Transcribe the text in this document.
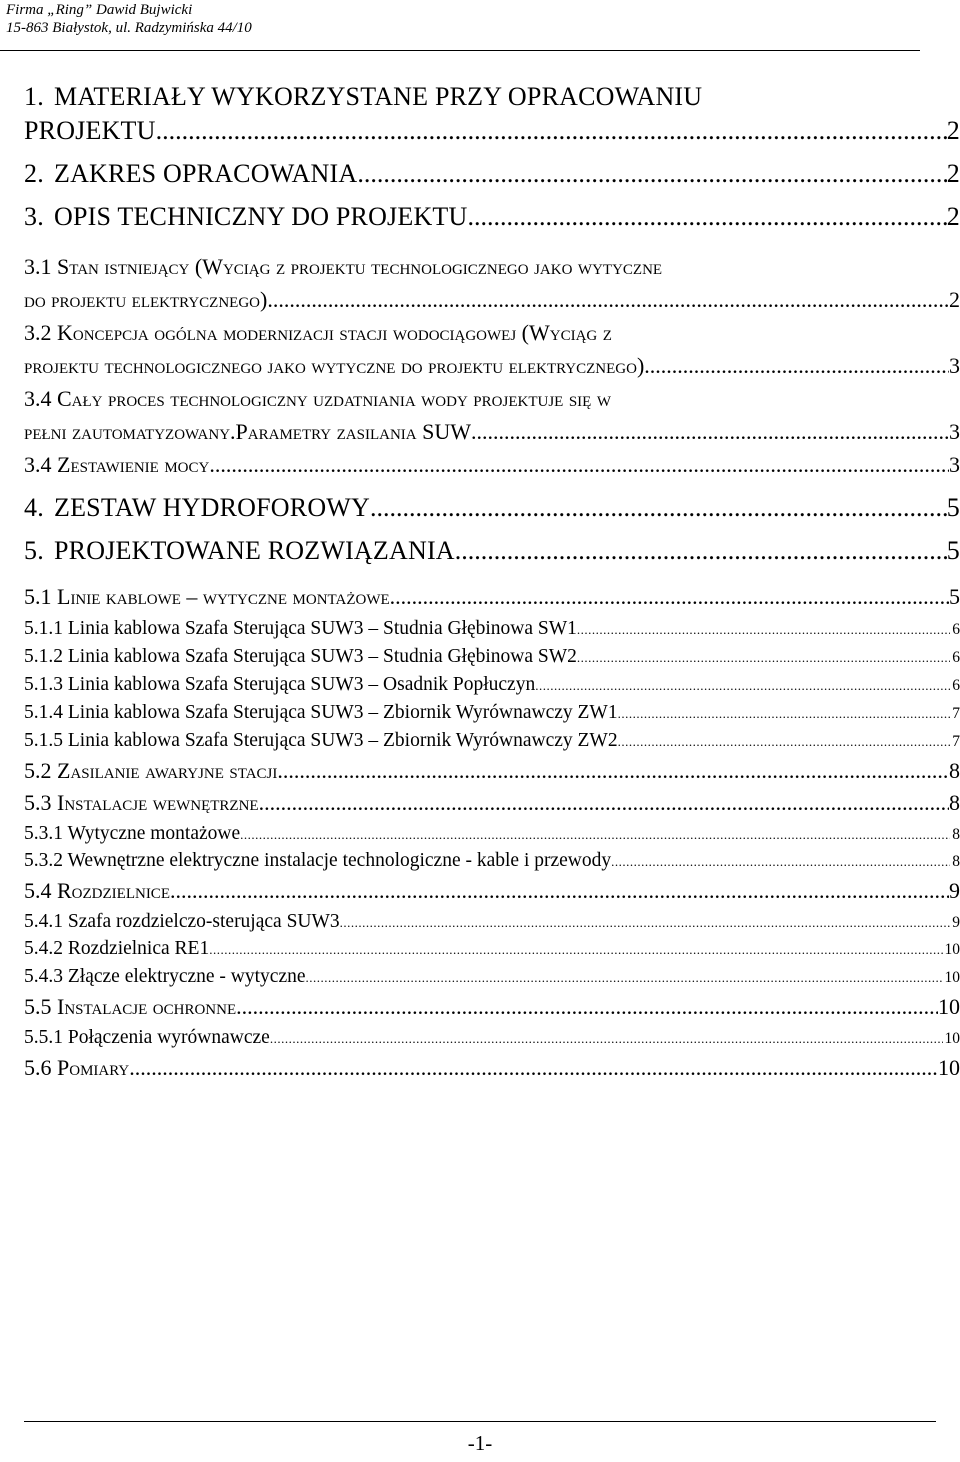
Firma „Ring” Dawid Bujwicki
15-863 Białystok, ul. Radzymińska 44/10
1. MATERIAŁY WYKORZYSTANE PRZY OPRACOWANIU
PROJEKTU .....	2
2. ZAKRES OPRACOWANIA .....	2
3. OPIS TECHNICZNY DO PROJEKTU .....	2
3.1 Stan istniejący (Wyciąg z projektu technologicznego jako wytyczne
do projektu elektrycznego) .....	2
3.2 Koncepcja ogólna modernizacji stacji wodociągowej (Wyciąg z
projektu technologicznego jako wytyczne do projektu elektrycznego) .....	3
3.4 Cały proces technologiczny uzdatniania wody projektuje się w
pełni zautomatyzowany.Parametry zasilania SUW .....	3
3.4 Zestawienie mocy .....	3
4. ZESTAW HYDROFOROWY .....	5
5. PROJEKTOWANE ROZWIĄZANIA .....	5
5.1 Linie kablowe – wytyczne montażowe .....	5
5.1.1 Linia kablowa Szafa Sterująca SUW3 – Studnia Głębinowa SW1 .....	6
5.1.2 Linia kablowa Szafa Sterująca SUW3 – Studnia Głębinowa SW2 .....	6
5.1.3 Linia kablowa Szafa Sterująca SUW3 – Osadnik Popłuczyn .....	6
5.1.4 Linia kablowa Szafa Sterująca SUW3 – Zbiornik Wyrównawczy ZW1 .....	7
5.1.5 Linia kablowa Szafa Sterująca SUW3 – Zbiornik Wyrównawczy ZW2 .....	7
5.2 Zasilanie awaryjne stacji .....	8
5.3 Instalacje wewnętrzne .....	8
5.3.1 Wytyczne montażowe .....	8
5.3.2 Wewnętrzne elektryczne instalacje technologiczne - kable i przewody .....	8
5.4 Rozdzielnice .....	9
5.4.1 Szafa rozdzielczo-sterująca SUW3 .....	9
5.4.2 Rozdzielnica RE1 .....	10
5.4.3 Złącze elektryczne - wytyczne .....	10
5.5 Instalacje ochronne .....	10
5.5.1 Połączenia wyrównawcze .....	10
5.6 Pomiary .....	10
-1-
